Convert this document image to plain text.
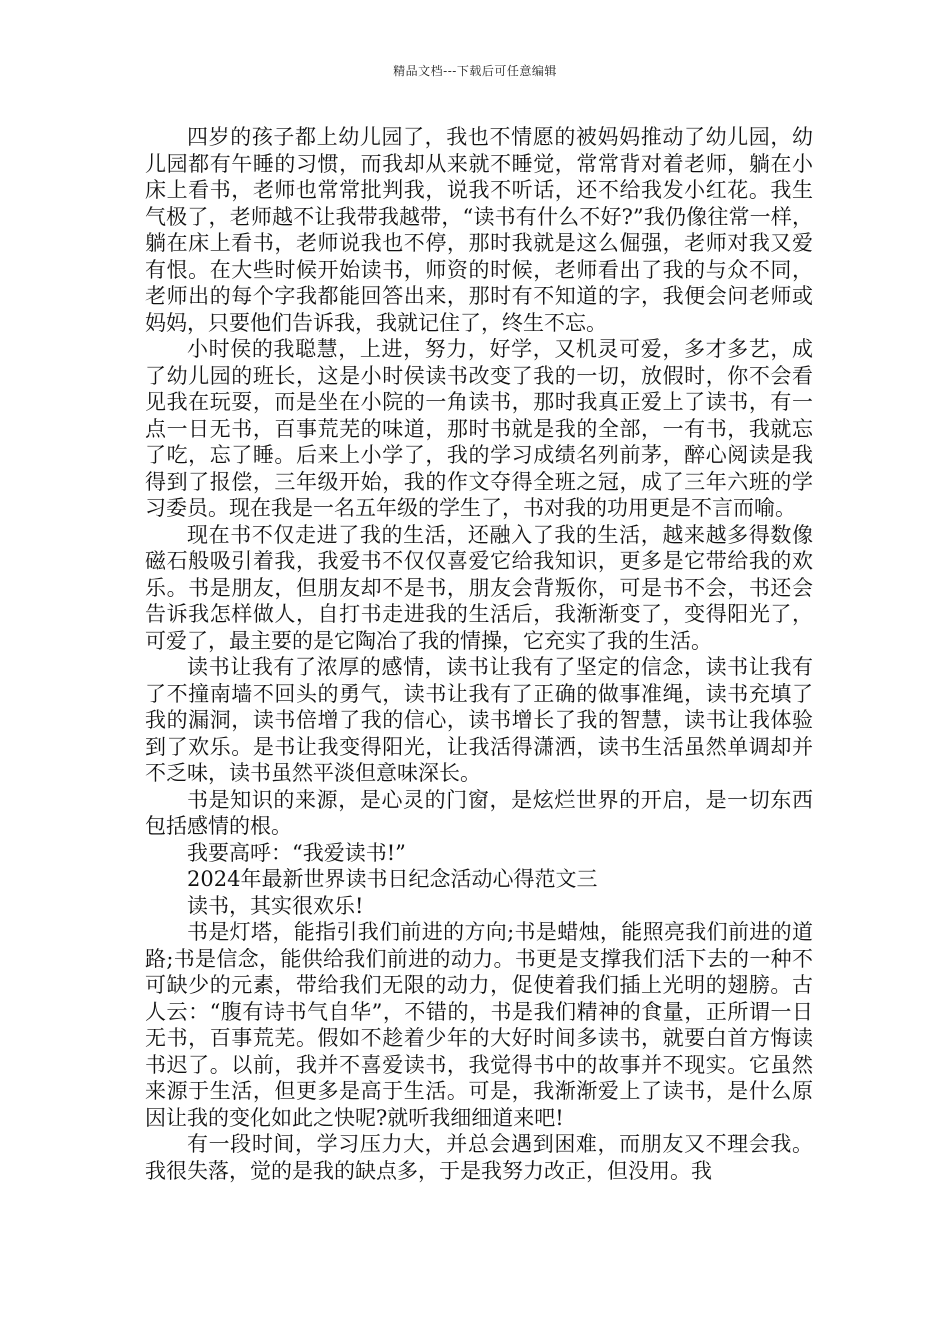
精品文档---下载后可任意编辑

四岁的孩子都上幼儿园了，我也不情愿的被妈妈推动了幼儿园，幼儿园都有午睡的习惯，而我却从来就不睡觉，常常背对着老师，躺在小床上看书，老师也常常批判我，说我不听话，还不给我发小红花。我生气极了，老师越不让我带我越带，“读书有什么不好?”我仍像往常一样，躺在床上看书，老师说我也不停，那时我就是这么倔强，老师对我又爱有恨。在大些时候开始读书，师资的时候，老师看出了我的与众不同，老师出的每个字我都能回答出来，那时有不知道的字，我便会问老师或妈妈，只要他们告诉我，我就记住了，终生不忘。

小时侯的我聪慧，上进，努力，好学，又机灵可爱，多才多艺，成了幼儿园的班长，这是小时侯读书改变了我的一切，放假时，你不会看见我在玩耍，而是坐在小院的一角读书，那时我真正爱上了读书，有一点一日无书，百事荒芜的味道，那时书就是我的全部，一有书，我就忘了吃，忘了睡。后来上小学了，我的学习成绩名列前茅，醉心阅读是我得到了报偿，三年级开始，我的作文夺得全班之冠，成了三年六班的学习委员。现在我是一名五年级的学生了，书对我的功用更是不言而喻。

现在书不仅走进了我的生活，还融入了我的生活，越来越多得数像磁石般吸引着我，我爱书不仅仅喜爱它给我知识，更多是它带给我的欢乐。书是朋友，但朋友却不是书，朋友会背叛你，可是书不会，书还会告诉我怎样做人，自打书走进我的生活后，我渐渐变了，变得阳光了，可爱了，最主要的是它陶冶了我的情操，它充实了我的生活。

读书让我有了浓厚的感情，读书让我有了坚定的信念，读书让我有了不撞南墙不回头的勇气，读书让我有了正确的做事准绳，读书充填了我的漏洞，读书倍增了我的信心，读书增长了我的智慧，读书让我体验到了欢乐。是书让我变得阳光，让我活得潇洒，读书生活虽然单调却并不乏味，读书虽然平淡但意味深长。

书是知识的来源，是心灵的门窗，是炫烂世界的开启，是一切东西包括感情的根。

我要高呼：“我爱读书!”

2024年最新世界读书日纪念活动心得范文三

读书，其实很欢乐!

书是灯塔，能指引我们前进的方向;书是蜡烛，能照亮我们前进的道路;书是信念，能供给我们前进的动力。书更是支撑我们活下去的一种不可缺少的元素，带给我们无限的动力，促使着我们插上光明的翅膀。古人云：“腹有诗书气自华”，不错的，书是我们精神的食量，正所谓一日无书，百事荒芜。假如不趁着少年的大好时间多读书，就要白首方悔读书迟了。以前，我并不喜爱读书，我觉得书中的故事并不现实。它虽然来源于生活，但更多是高于生活。可是，我渐渐爱上了读书，是什么原因让我的变化如此之快呢?就听我细细道来吧!

有一段时间，学习压力大，并总会遇到困难，而朋友又不理会我。我很失落，觉的是我的缺点多，于是我努力改正，但没用。我
